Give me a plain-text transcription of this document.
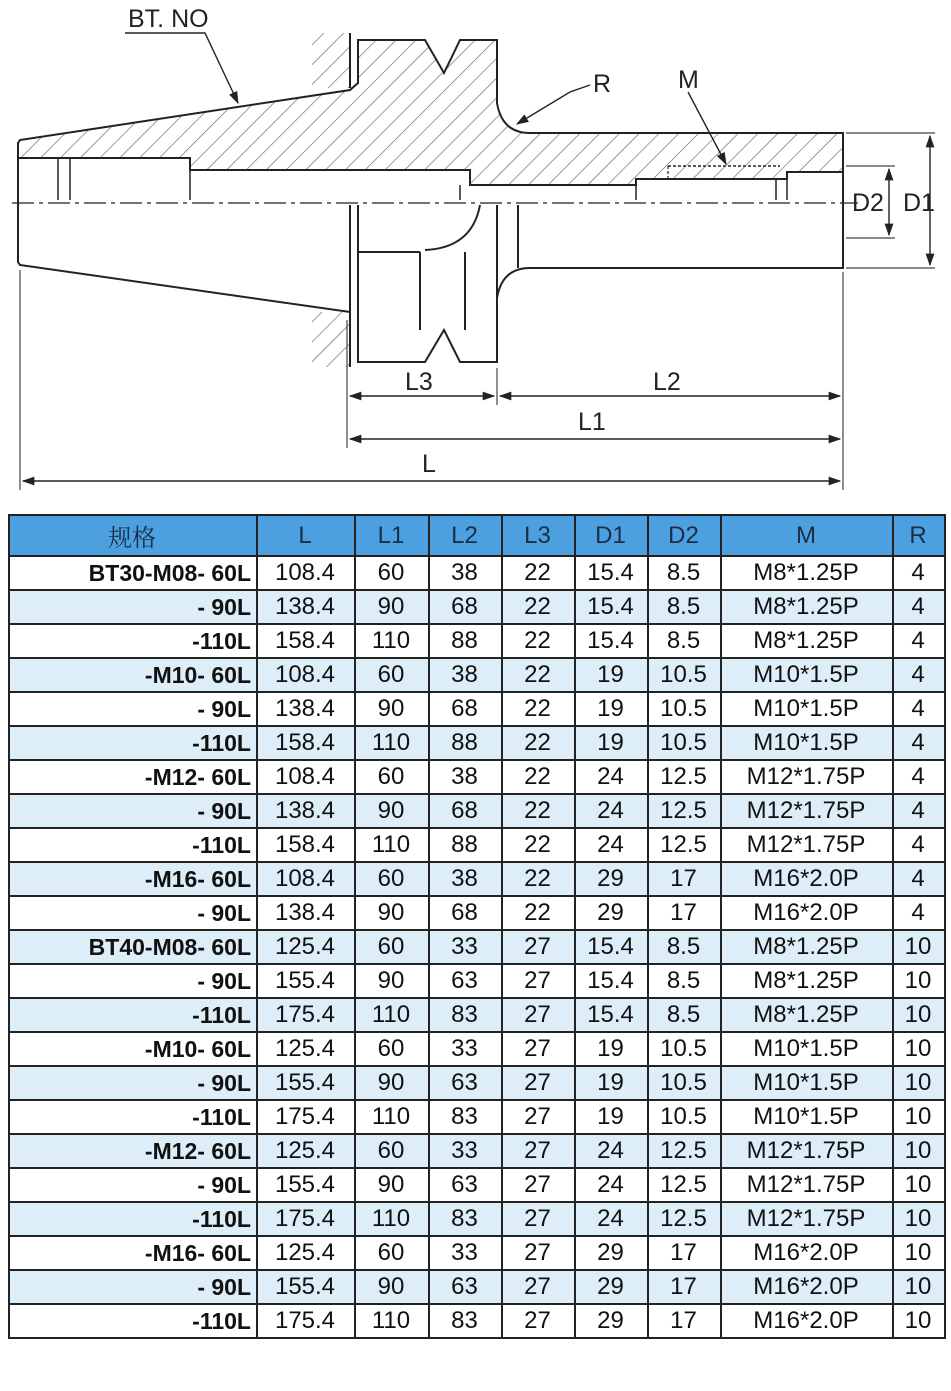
BT. NO
R	M
D2 D1
L3	L2
L1
L
规格	L	L1	L2	L3	D1	D2	M	R
BT30-M08- 60L	108.4	60	38	22	15.4	8.5	M8*1.25P	4
- 90L	138.4	90	68	22	15.4	8.5	M8*1.25P	4
-110L	158.4	110	88	22	15.4	8.5	M8*1.25P	4
-M10- 60L	108.4	60	38	22	19	10.5	M10*1.5P	4
- 90L	138.4	90	68	22	19	10.5	M10*1.5P	4
-110L	158.4	110	88	22	19	10.5	M10*1.5P	4
-M12- 60L	108.4	60	38	22	24	12.5	M12*1.75P	4
- 90L	138.4	90	68	22	24	12.5	M12*1.75P	4
-110L	158.4	110	88	22	24	12.5	M12*1.75P	4
-M16- 60L	108.4	60	38	22	29	17	M16*2.0P	4
- 90L	138.4	90	68	22	29	17	M16*2.0P	4
BT40-M08- 60L	125.4	60	33	27	15.4	8.5	M8*1.25P	10
- 90L	155.4	90	63	27	15.4	8.5	M8*1.25P	10
-110L	175.4	110	83	27	15.4	8.5	M8*1.25P	10
-M10- 60L	125.4	60	33	27	19	10.5	M10*1.5P	10
- 90L	155.4	90	63	27	19	10.5	M10*1.5P	10
-110L	175.4	110	83	27	19	10.5	M10*1.5P	10
-M12- 60L	125.4	60	33	27	24	12.5	M12*1.75P	10
- 90L	155.4	90	63	27	24	12.5	M12*1.75P	10
-110L	175.4	110	83	27	24	12.5	M12*1.75P	10
-M16- 60L	125.4	60	33	27	29	17	M16*2.0P	10
- 90L	155.4	90	63	27	29	17	M16*2.0P	10
-110L	175.4	110	83	27	29	17	M16*2.0P	10
